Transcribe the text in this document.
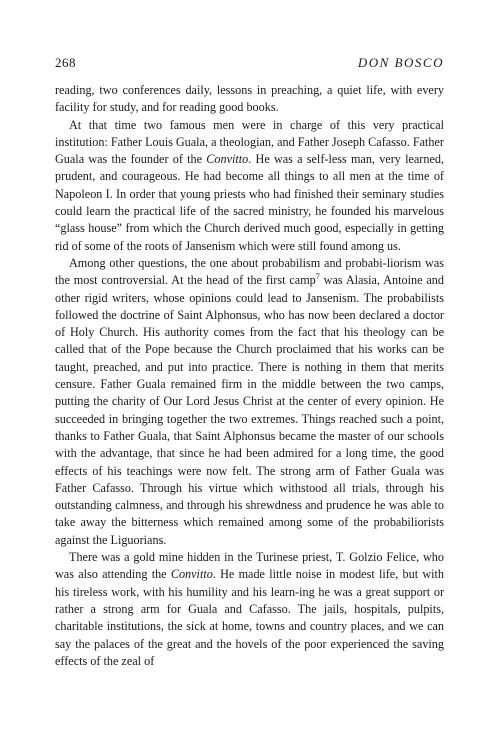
268	DON BOSCO

reading, two conferences daily, lessons in preaching, a quiet life, with every facility for study, and for reading good books.

At that time two famous men were in charge of this very practical institution: Father Louis Guala, a theologian, and Father Joseph Cafasso. Father Guala was the founder of the Convitto. He was a self-less man, very learned, prudent, and courageous. He had become all things to all men at the time of Napoleon I. In order that young priests who had finished their seminary studies could learn the practical life of the sacred ministry, he founded his marvelous “glass house” from which the Church derived much good, especially in getting rid of some of the roots of Jansenism which were still found among us.

Among other questions, the one about probabilism and probabi-liorism was the most controversial. At the head of the first camp$^7$ was Alasia, Antoine and other rigid writers, whose opinions could lead to Jansenism. The probabilists followed the doctrine of Saint Alphonsus, who has now been declared a doctor of Holy Church. His authority comes from the fact that his theology can be called that of the Pope because the Church proclaimed that his works can be taught, preached, and put into practice. There is nothing in them that merits censure. Father Guala remained firm in the middle between the two camps, putting the charity of Our Lord Jesus Christ at the center of every opinion. He succeeded in bringing together the two extremes. Things reached such a point, thanks to Father Guala, that Saint Alphonsus became the master of our schools with the advantage, that since he had been admired for a long time, the good effects of his teachings were now felt. The strong arm of Father Guala was Father Cafasso. Through his virtue which withstood all trials, through his outstanding calmness, and through his shrewdness and prudence he was able to take away the bitterness which remained among some of the probabiliorists against the Liguorians.

There was a gold mine hidden in the Turinese priest, T. Golzio Felice, who was also attending the Convitto. He made little noise in modest life, but with his tireless work, with his humility and his learn-ing he was a great support or rather a strong arm for Guala and Cafasso. The jails, hospitals, pulpits, charitable institutions, the sick at home, towns and country places, and we can say the palaces of the great and the hovels of the poor experienced the saving effects of the zeal of
